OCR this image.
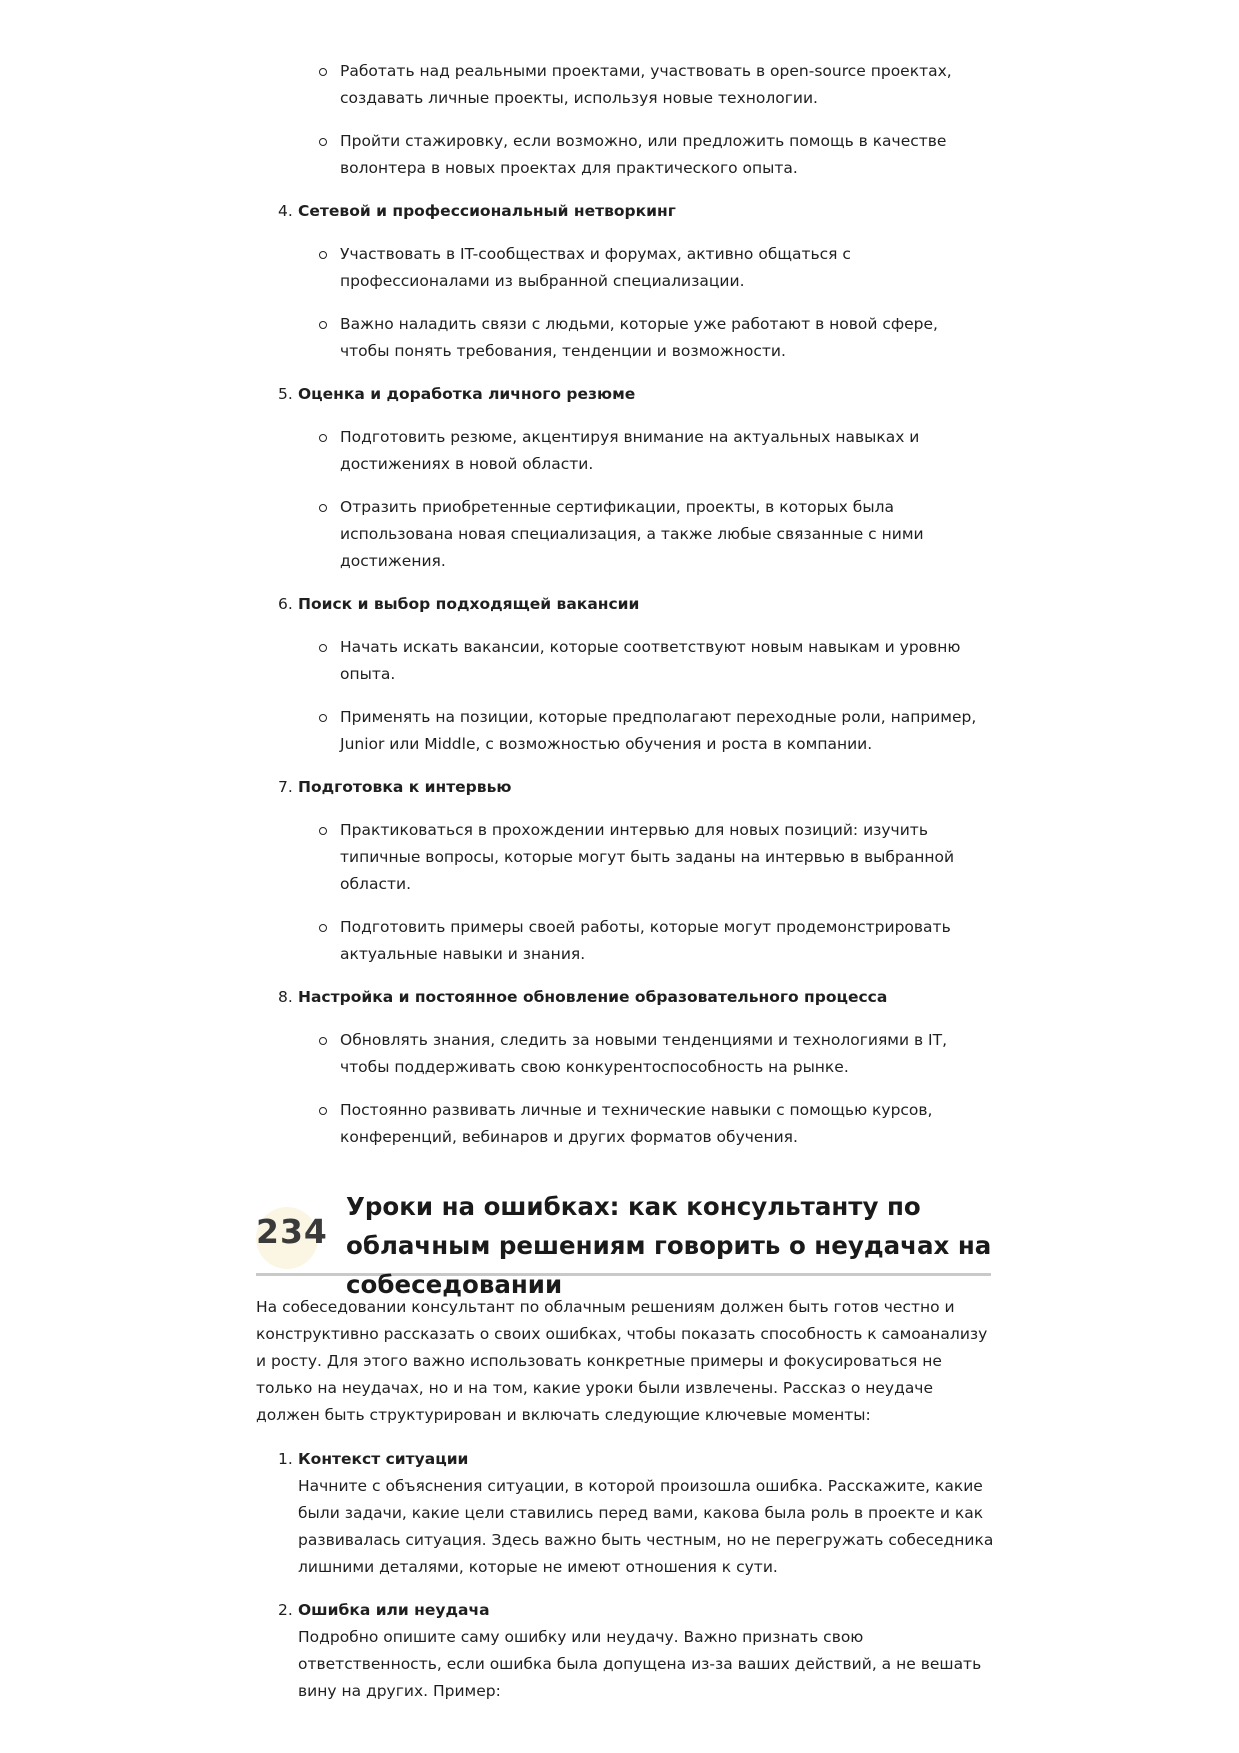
Работать над реальными проектами, участвовать в open-source проектах, создавать личные проекты, используя новые технологии.
Пройти стажировку, если возможно, или предложить помощь в качестве волонтера в новых проектах для практического опыта.
4. Сетевой и профессиональный нетворкинг
Участвовать в IT-сообществах и форумах, активно общаться с профессионалами из выбранной специализации.
Важно наладить связи с людьми, которые уже работают в новой сфере, чтобы понять требования, тенденции и возможности.
5. Оценка и доработка личного резюме
Подготовить резюме, акцентируя внимание на актуальных навыках и достижениях в новой области.
Отразить приобретенные сертификации, проекты, в которых была использована новая специализация, а также любые связанные с ними достижения.
6. Поиск и выбор подходящей вакансии
Начать искать вакансии, которые соответствуют новым навыкам и уровню опыта.
Применять на позиции, которые предполагают переходные роли, например, Junior или Middle, с возможностью обучения и роста в компании.
7. Подготовка к интервью
Практиковаться в прохождении интервью для новых позиций: изучить типичные вопросы, которые могут быть заданы на интервью в выбранной области.
Подготовить примеры своей работы, которые могут продемонстрировать актуальные навыки и знания.
8. Настройка и постоянное обновление образовательного процесса
Обновлять знания, следить за новыми тенденциями и технологиями в IT, чтобы поддерживать свою конкурентоспособность на рынке.
Постоянно развивать личные и технические навыки с помощью курсов, конференций, вебинаров и других форматов обучения.
234
Уроки на ошибках: как консультанту по облачным решениям говорить о неудачах на собеседовании

На собеседовании консультант по облачным решениям должен быть готов честно и конструктивно рассказать о своих ошибках, чтобы показать способность к самоанализу и росту. Для этого важно использовать конкретные примеры и фокусироваться не только на неудачах, но и на том, какие уроки были извлечены. Рассказ о неудаче должен быть структурирован и включать следующие ключевые моменты:

1. Контекст ситуации
Начните с объяснения ситуации, в которой произошла ошибка. Расскажите, какие были задачи, какие цели ставились перед вами, какова была роль в проекте и как развивалась ситуация. Здесь важно быть честным, но не перегружать собеседника лишними деталями, которые не имеют отношения к сути.
2. Ошибка или неудача
Подробно опишите саму ошибку или неудачу. Важно признать свою ответственность, если ошибка была допущена из-за ваших действий, а не вешать вину на других. Пример:
